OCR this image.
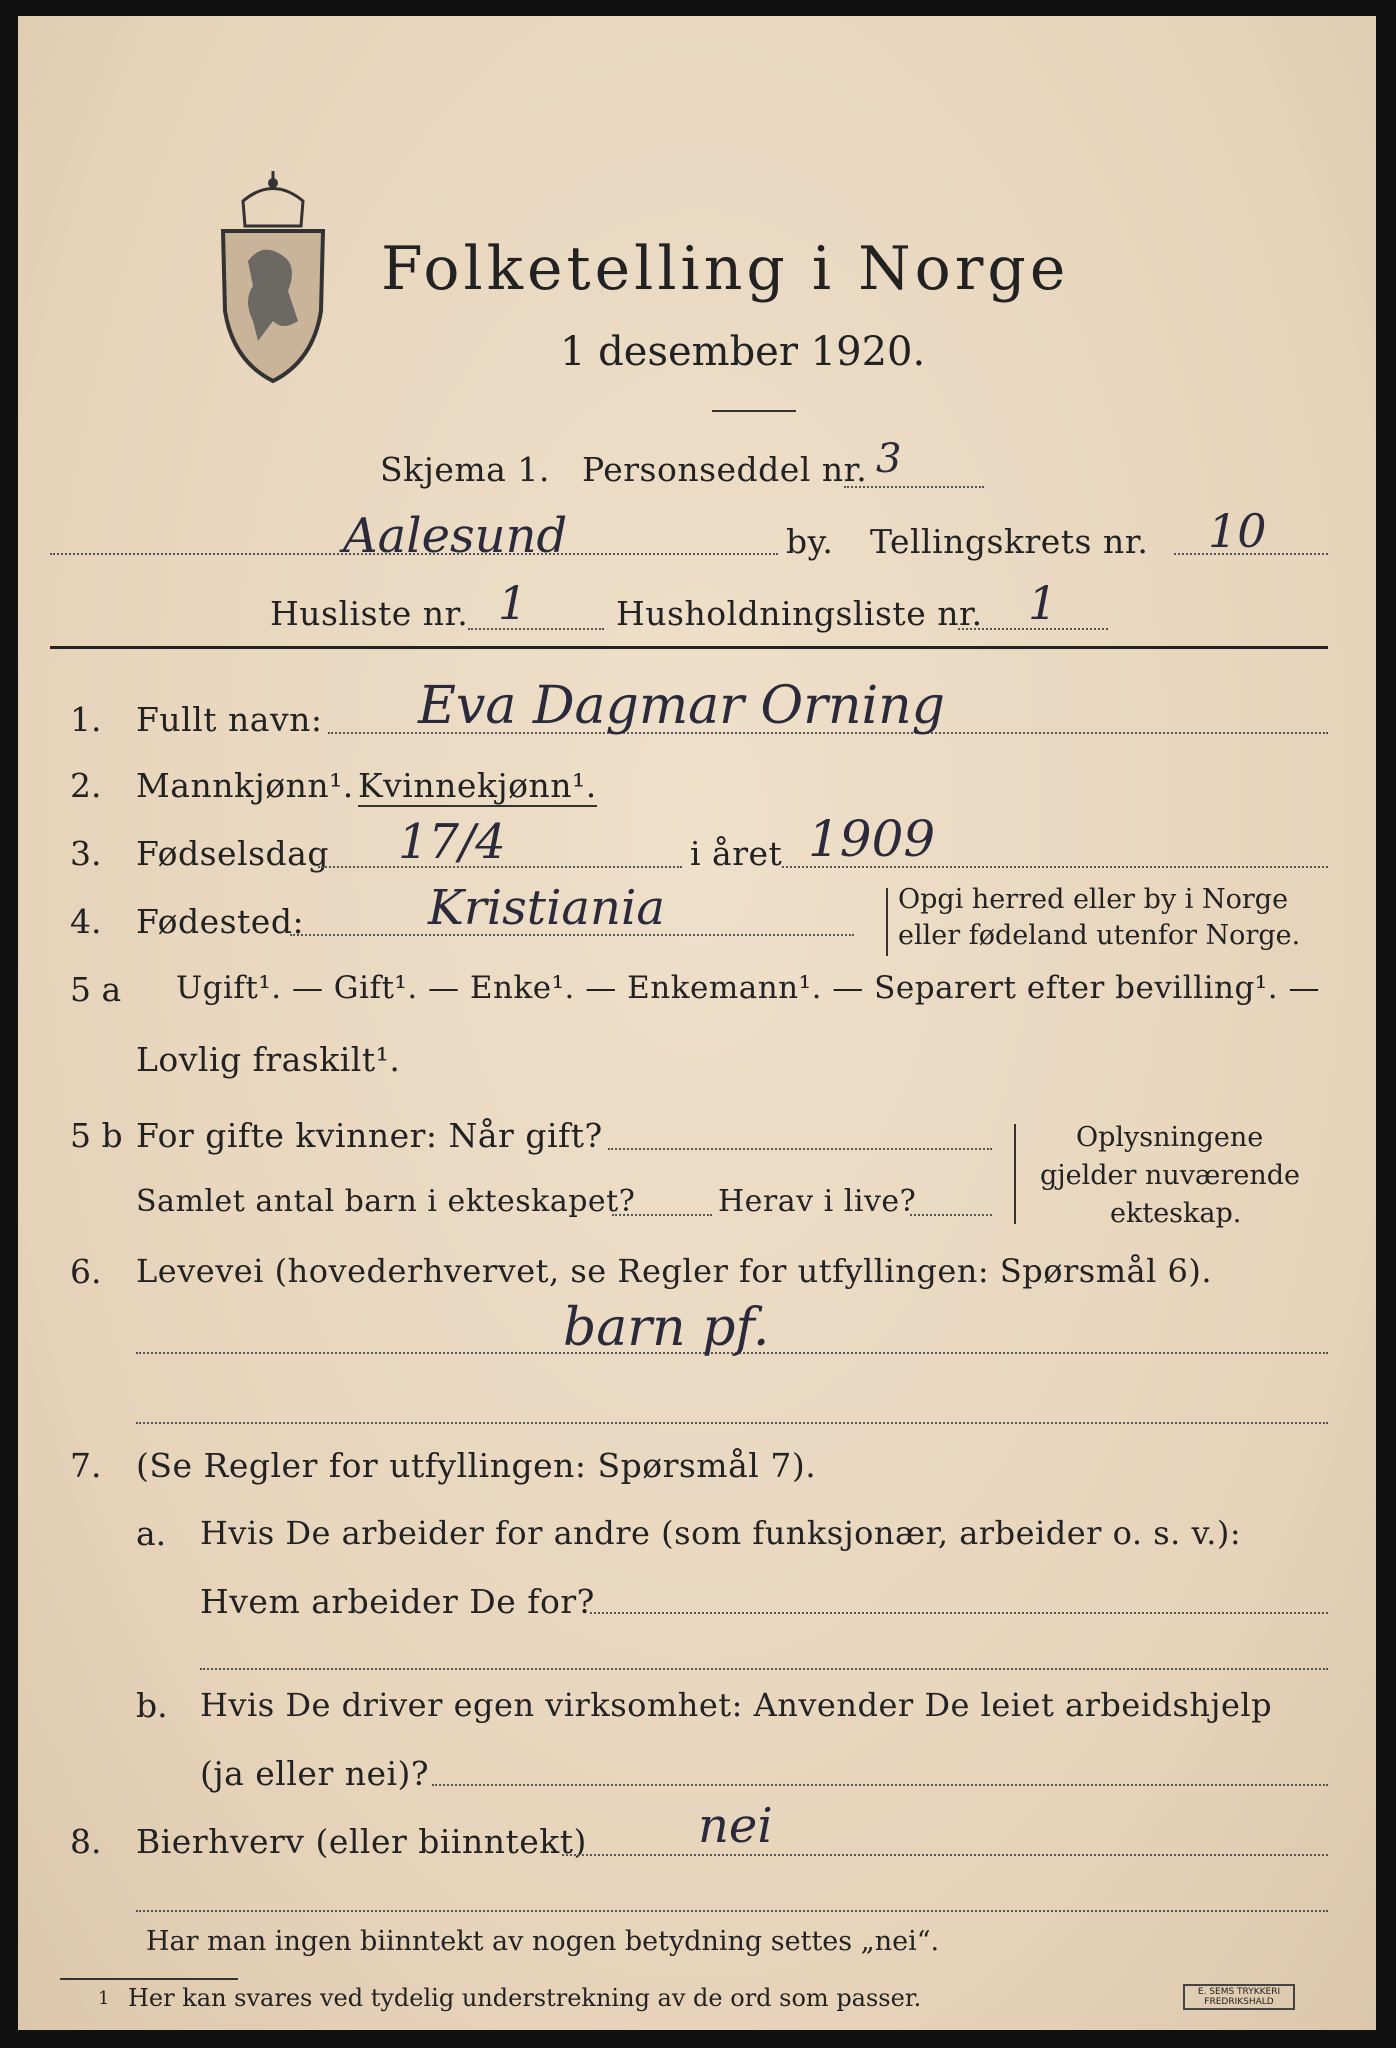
Folketelling i Norge
1 desember 1920.
Skjema 1. Personseddel nr. 3
Aalesund	by. Tellingskrets nr. 10
Husliste nr. 1	Husholdningsliste nr. 1
1. Fullt navn: Eva Dagmar Orning
2. Mannkjønn¹. Kvinnekjønn¹.
3. Fødselsdag 17/4	i året 1909
4. Fødested:	Kristiania	Opgi herred eller by i Norge
eller fødeland utenfor Norge.
5 a Ugift¹. — Gift¹. — Enke¹. — Enkemann¹. — Separert efter bevilling¹. —
Lovlig fraskilt¹.
5 b For gifte kvinner: Når gift?
Samlet antal barn i ekteskapet?	Herav i live?
Oplysningene
gjelder nuværende
ekteskap.
6. Levevei (hovederhvervet, se Regler for utfyllingen: Spørsmål 6).
barn pf.
7. (Se Regler for utfyllingen: Spørsmål 7).
a. Hvis De arbeider for andre (som funksjonær, arbeider o. s. v.):
Hvem arbeider De for?
b. Hvis De driver egen virksomhet: Anvender De leiet arbeidshjelp
(ja eller nei)?
8. Bierhverv (eller biinntekt) nei
Har man ingen biinntekt av nogen betydning settes „nei“.
1 Her kan svares ved tydelig understrekning av de ord som passer.	E. SEMS TRYKKERI FREDRIKSHALD
